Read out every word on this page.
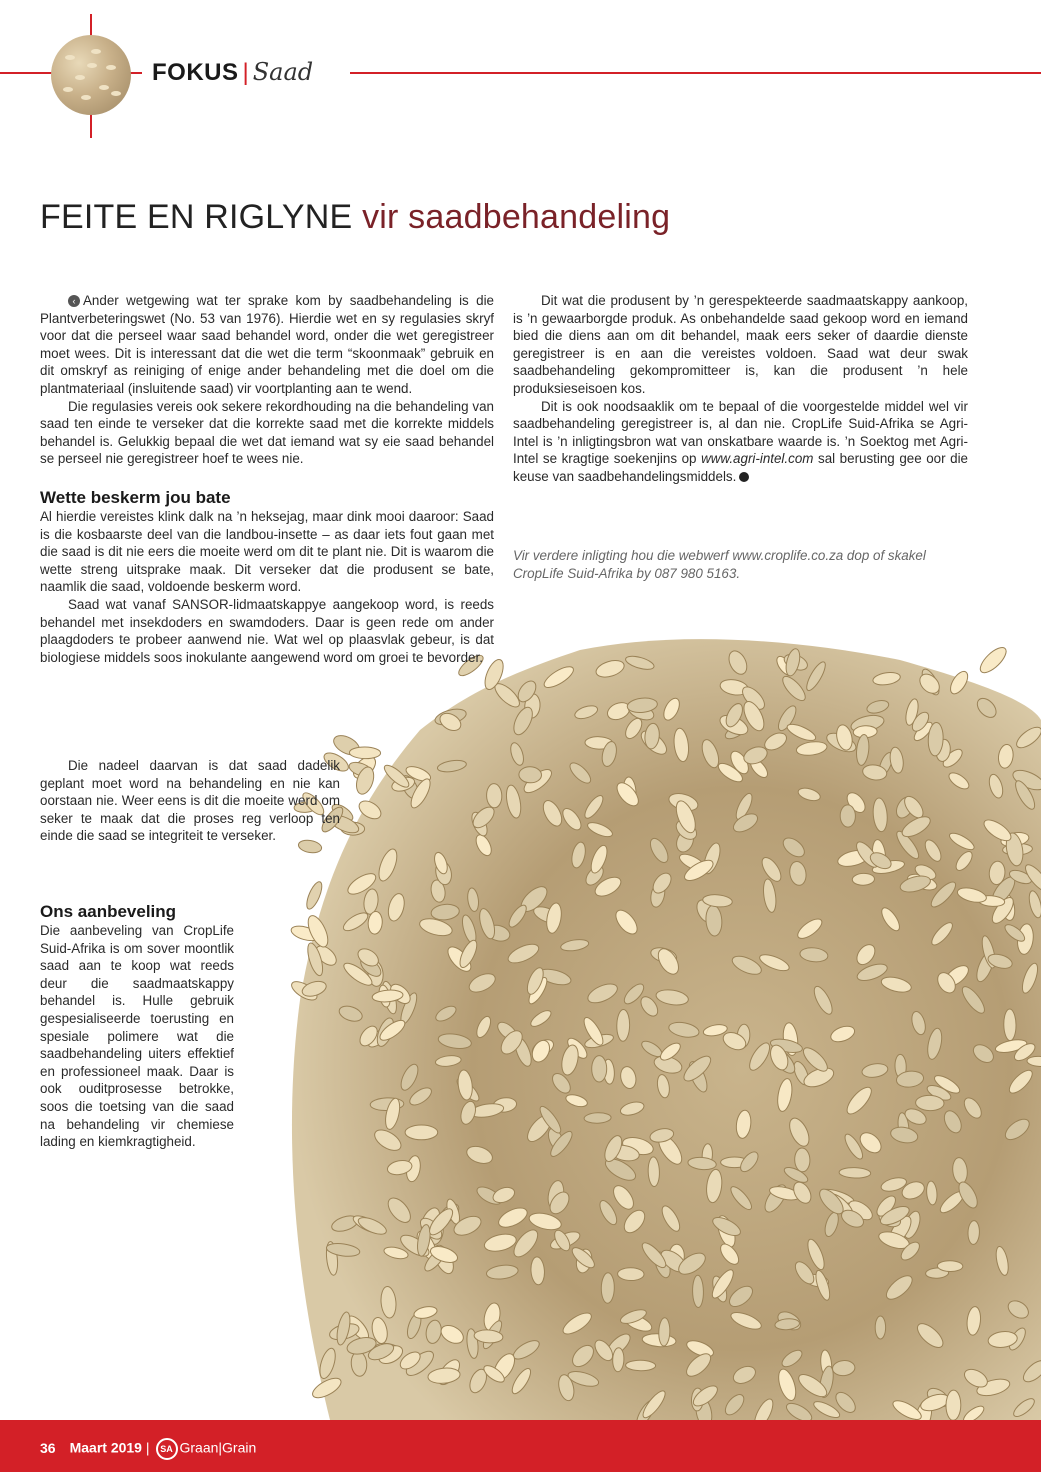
FOKUS | Saad
FEITE EN RIGLYNE vir saadbehandeling

‹ Ander wetgewing wat ter sprake kom by saadbehandeling is die Plantverbeteringswet (No. 53 van 1976). Hierdie wet en sy regulasies skryf voor dat die perseel waar saad behandel word, onder die wet geregistreer moet wees. Dit is interessant dat die wet die term “skoonmaak” gebruik en dit omskryf as reiniging of enige ander behandeling met die doel om die plantmateriaal (insluitende saad) vir voortplanting aan te wend.

Die regulasies vereis ook sekere rekordhouding na die behandeling van saad ten einde te verseker dat die korrekte saad met die korrekte middels behandel is. Gelukkig bepaal die wet dat iemand wat sy eie saad behandel se perseel nie geregistreer hoef te wees nie.

Wette beskerm jou bate

Al hierdie vereistes klink dalk na ’n heksejag, maar dink mooi daaroor: Saad is die kosbaarste deel van die landbou-insette – as daar iets fout gaan met die saad is dit nie eers die moeite werd om dit te plant nie. Dit is waarom die wette streng uitsprake maak. Dit verseker dat die produsent se bate, naamlik die saad, voldoende beskerm word.

Saad wat vanaf SANSOR-lidmaatskappye aangekoop word, is reeds behandel met insekdoders en swamdoders. Daar is geen rede om ander plaagdoders te probeer aanwend nie. Wat wel op plaasvlak gebeur, is dat biologiese middels soos inokulante aangewend word om groei te bevorder.

Die nadeel daarvan is dat saad dadelik geplant moet word na behandeling en nie kan oorstaan nie. Weer eens is dit die moeite werd om seker te maak dat die proses reg verloop ten einde die saad se integriteit te verseker.

Ons aanbeveling

Die aanbeveling van CropLife Suid-Afrika is om sover moontlik saad aan te koop wat reeds deur die saadmaatskappy behandel is. Hulle gebruik gespesialiseerde toerusting en spesiale polimere wat die saadbehandeling uiters effektief en professioneel maak. Daar is ook ouditprosesse betrokke, soos die toetsing van die saad na behandeling vir chemiese lading en kiemkragtigheid.

Dit wat die produsent by ’n gerespekteerde saadmaatskappy aankoop, is ’n gewaarborgde produk. As onbehandelde saad gekoop word en iemand bied die diens aan om dit behandel, maak eers seker of daardie dienste geregistreer is en aan die vereistes voldoen. Saad wat deur swak saadbehandeling gekompromitteer is, kan die produsent ’n hele produksieseisoen kos.

Dit is ook noodsaaklik om te bepaal of die voorgestelde middel wel vir saadbehandeling geregistreer is, al dan nie. CropLife Suid-Afrika se Agri-Intel is ’n inligtingsbron wat van onskatbare waarde is. ’n Soektog met Agri-Intel se kragtige soekenjins op www.agri-intel.com sal berusting gee oor die keuse van saadbehandelingsmiddels.

Vir verdere inligting hou die webwerf www.croplife.co.za dop of skakel CropLife Suid-Afrika by 087 980 5163.
36 Maart 2019 | SA Graan|Grain
